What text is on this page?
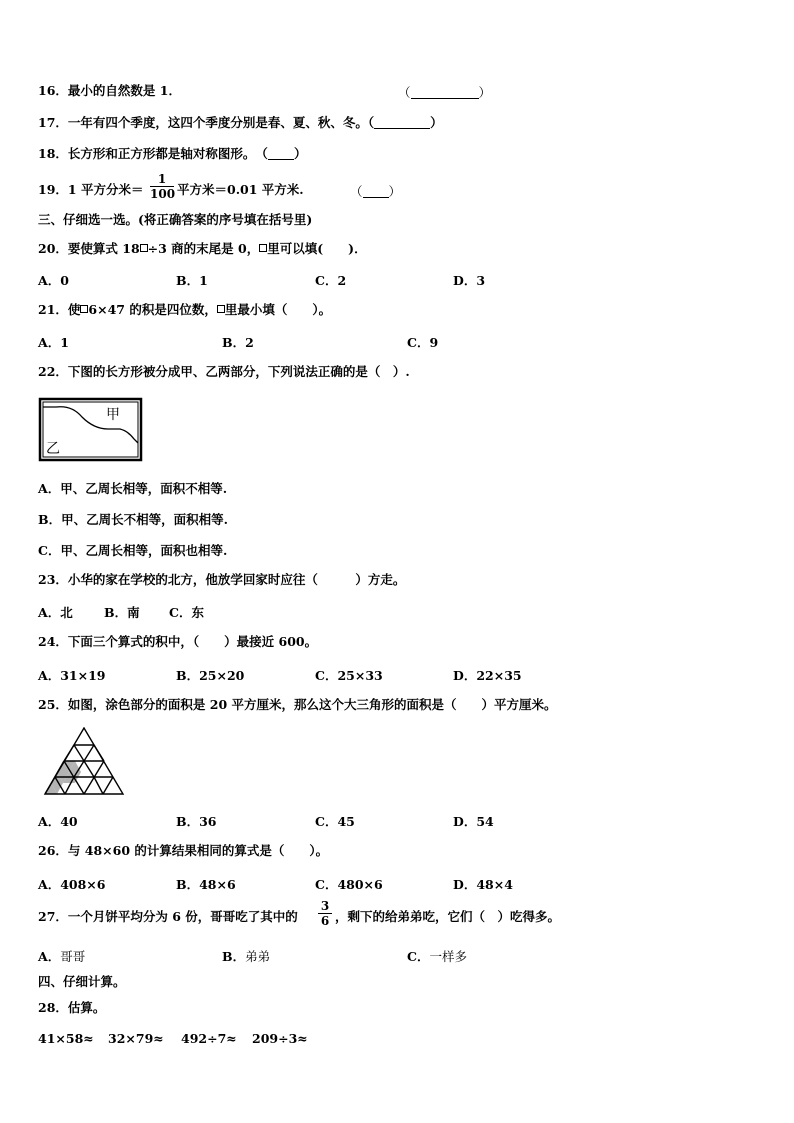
16．最小的自然数是 1．	（	）
17．一年有四个季度，这四个季度分别是春、夏、秋、冬。（	）
18．长方形和正方形都是轴对称图形。　 （ ）
19．1 平方分米＝ $\frac{1}{100}$ 平方米＝0.01 平方米.	（ ）
三、仔细选一选。(将正确答案的序号填在括号里)
20．要使算式 18 ÷3 商的末尾是 0， 里可以填(　　)．
A．0	B．1	C．2	D．3
21．使 6×47 的积是四位数， 里最小填（　　）。
A．1	B．2	C．9
22．下图的长方形被分成甲、乙两部分，下列说法正确的是（　）.
甲
乙
A．甲、乙周长相等，面积不相等.
B．甲、乙周长不相等，面积相等.
C．甲、乙周长相等，面积也相等.
23．小华的家在学校的北方，他放学回家时应往（　　　）方走。
A．北	B．南 C．东
24．下面三个算式的积中，（　　）最接近 600。
A．31×19	B．25×20	C．25×33	D．22×35
25．如图，涂色部分的面积是 20 平方厘米，那么这个大三角形的面积是（　　）平方厘米。
A．40	B．36	C．45	D．54
26．与 48×60 的计算结果相同的算式是（　　）。
A．408×6	B．48×6	C．480×6	D．48×4
27．一个月饼平均分为 6 份，哥哥吃了其中的 $\frac{3}{6}$ ，剩下的给弟弟吃，它们（　）吃得多。
A．哥哥	B．弟弟	C．一样多
四、仔细计算。
28．估算。
41×58≈ 32×79≈ 492÷7≈ 209÷3≈
